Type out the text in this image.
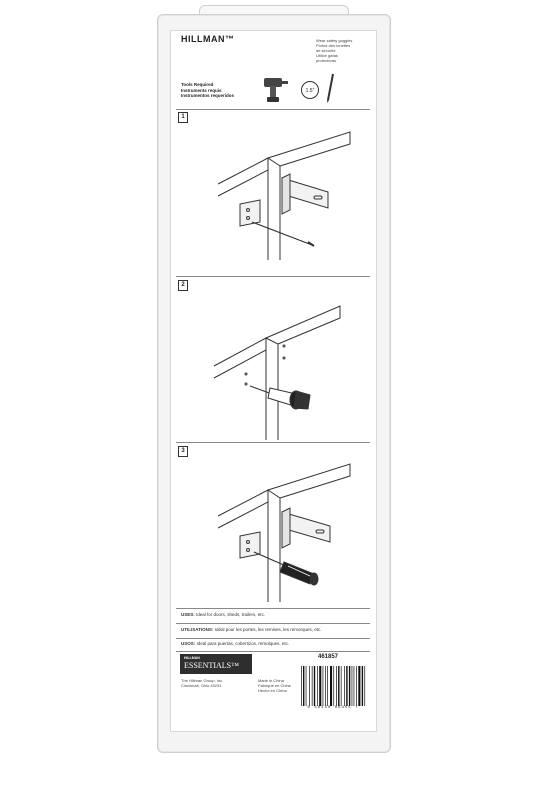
HILLMAN™	Wear safety goggles
Portez des lunettes
de sécurité
Utilice gafas
protectoras
Tools Required
Instruments requis
Instrumentos requeridos
1.5"
1
2
3
USES: Ideal for doors, sheds, trailers, etc.
UTILISATIONS: Idéal pour les portes, les remises, les remorques, etc.
USOS: Ideal para puertas, cobertizos, remolques, etc.
HILLMAN
ESSENTIALS™
461857
The Hillman Group, Inc.
Cincinnati, Ohio 45231
Made in China
Fabriqué en Chine
Hecho en China
0 38230 06455 7
